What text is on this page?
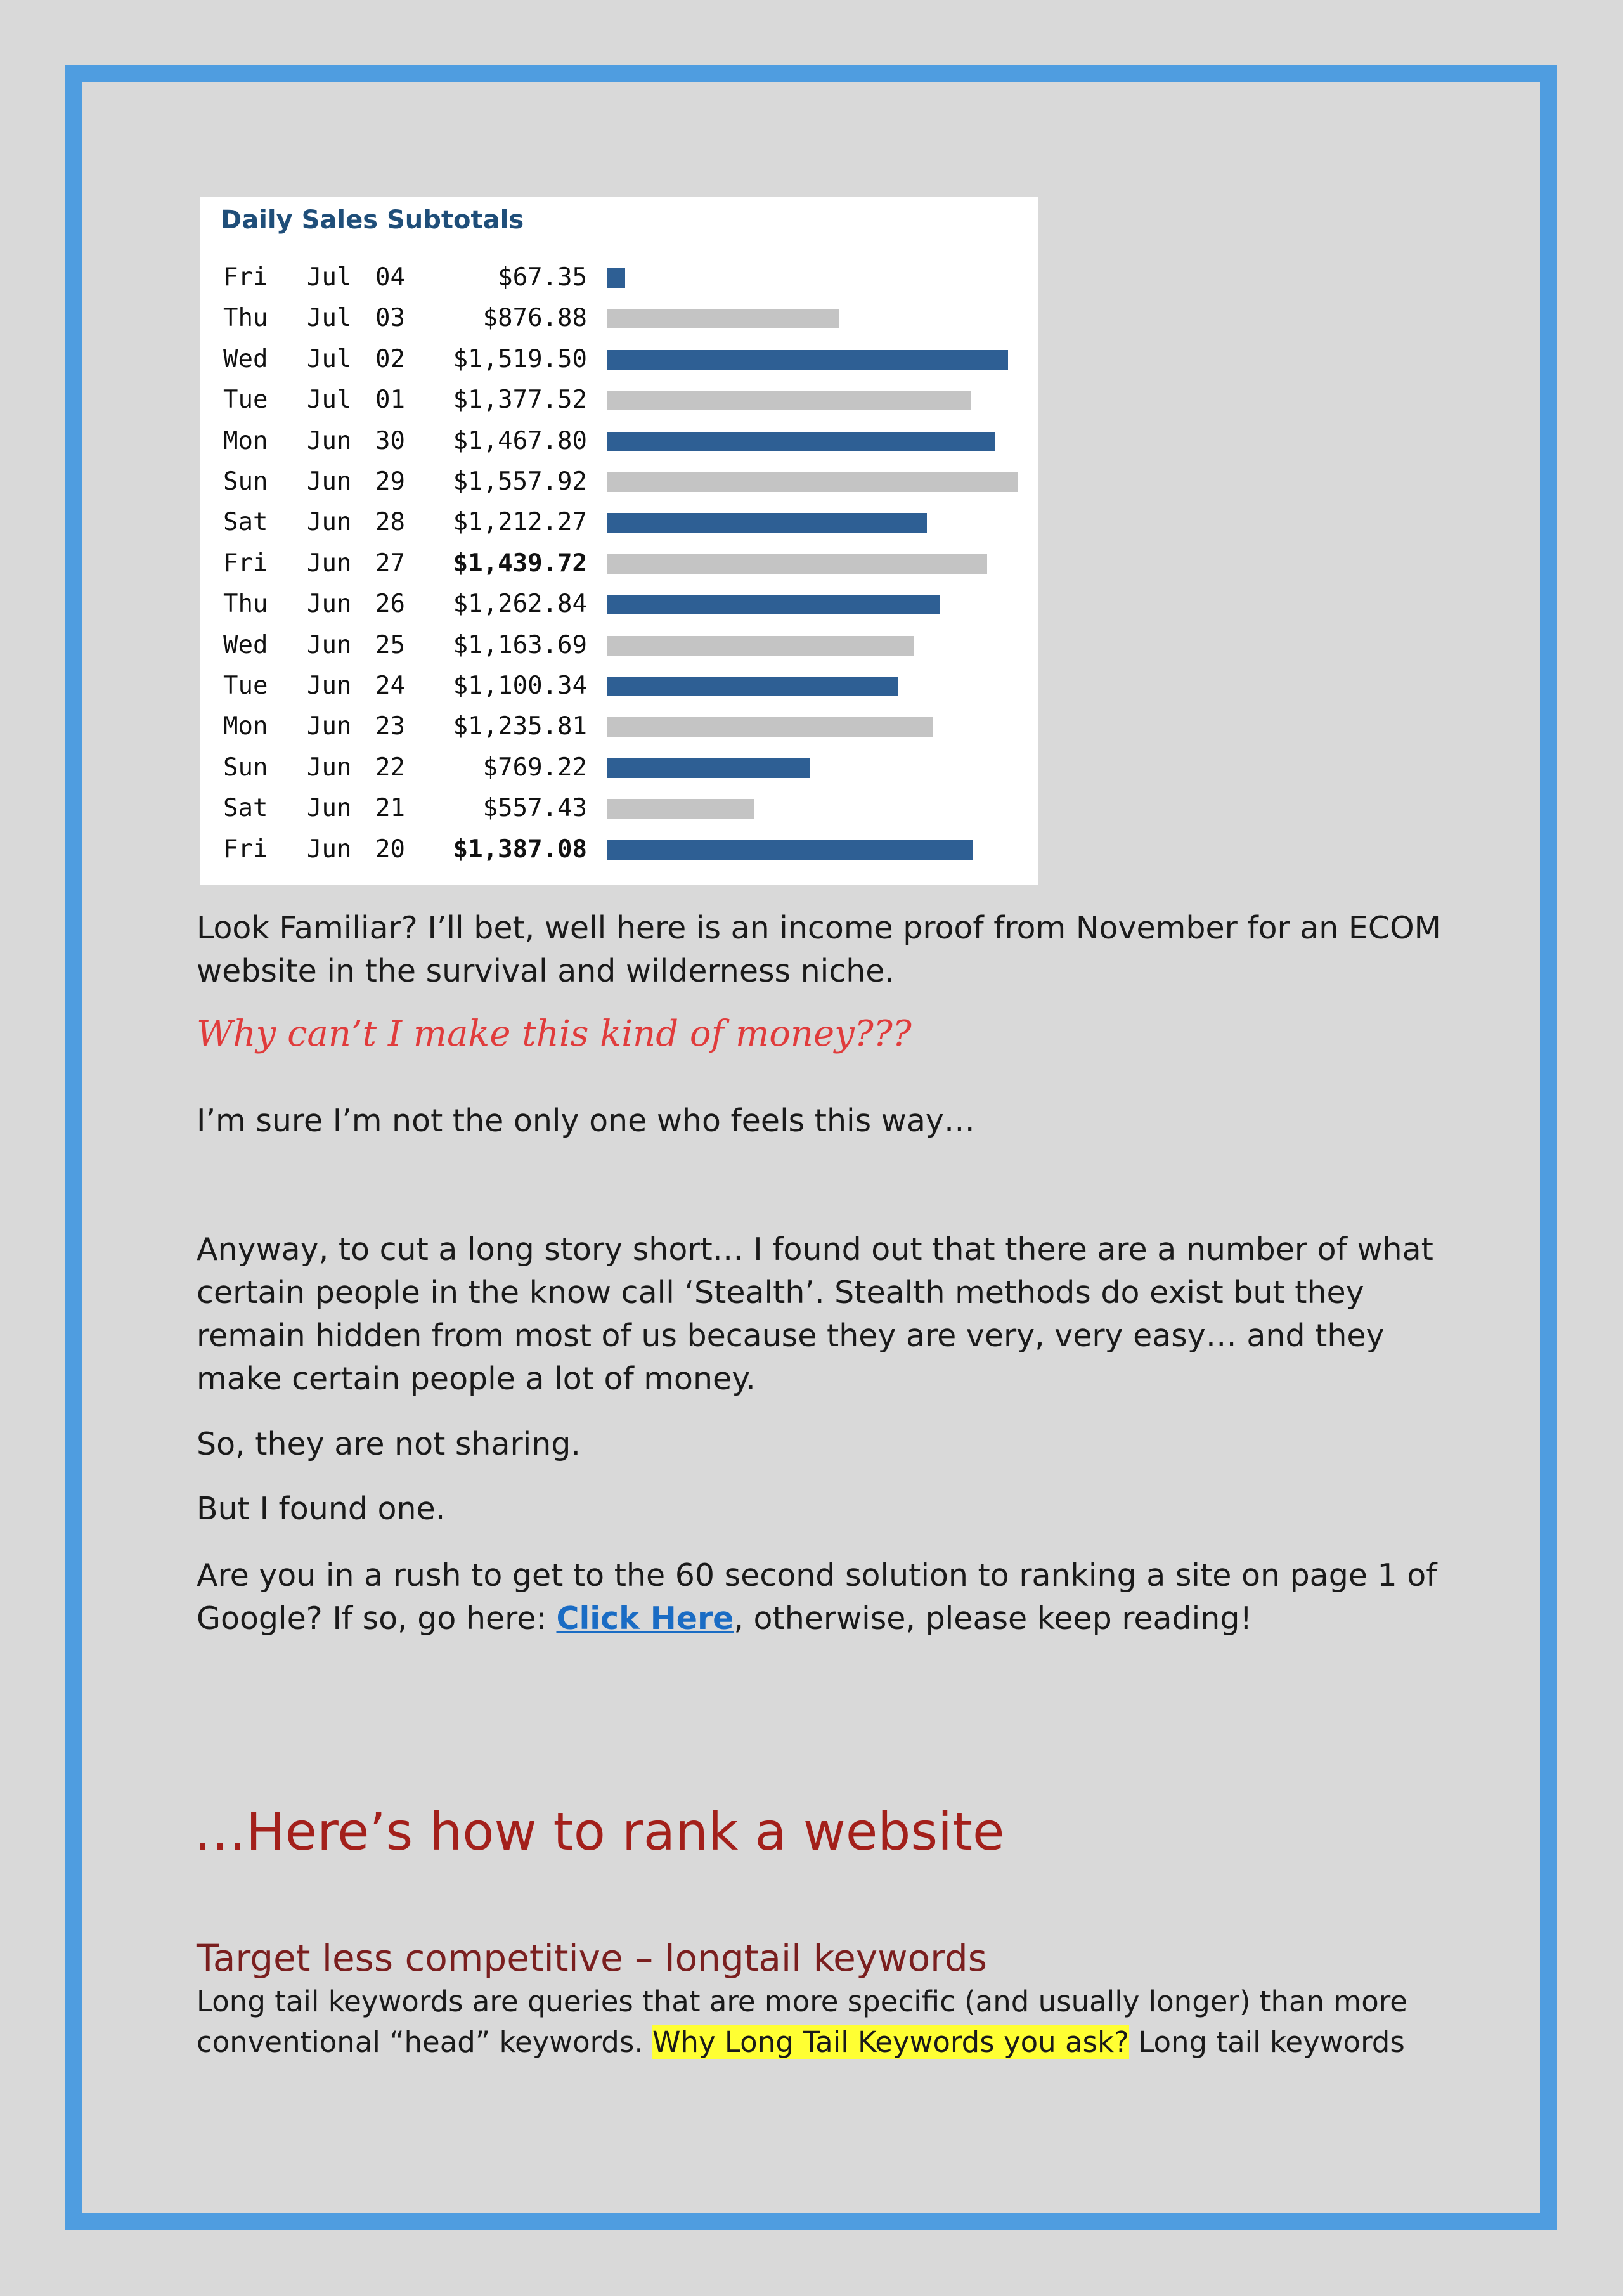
Daily Sales Subtotals
Fri Jul 04	$67.35
Thu Jul 03	$876.88
Wed Jul 02 $1,519.50
Tue Jul 01 $1,377.52
Mon Jun 30 $1,467.80
Sun Jun 29 $1,557.92
Sat Jun 28 $1,212.27
Fri Jun 27 $1,439.72
Thu Jun 26 $1,262.84
Wed Jun 25 $1,163.69
Tue Jun 24 $1,100.34
Mon Jun 23 $1,235.81
Sun Jun 22	$769.22
Sat Jun 21	$557.43
Fri Jun 20 $1,387.08

Look Familiar? I’ll bet, well here is an income proof from November for an ECOM website in the survival and wilderness niche.

Why can’t I make this kind of money???

I’m sure I’m not the only one who feels this way…

Anyway, to cut a long story short… I found out that there are a number of what certain people in the know call ‘Stealth’. Stealth methods do exist but they remain hidden from most of us because they are very, very easy… and they make certain people a lot of money.

So, they are not sharing.

But I found one.

Are you in a rush to get to the 60 second solution to ranking a site on page 1 of Google? If so, go here: Click Here, otherwise, please keep reading!

…Here’s how to rank a website
Target less competitive – longtail keywords

Long tail keywords are queries that are more specific (and usually longer) than more conventional “head” keywords. Why Long Tail Keywords you ask? Long tail keywords
